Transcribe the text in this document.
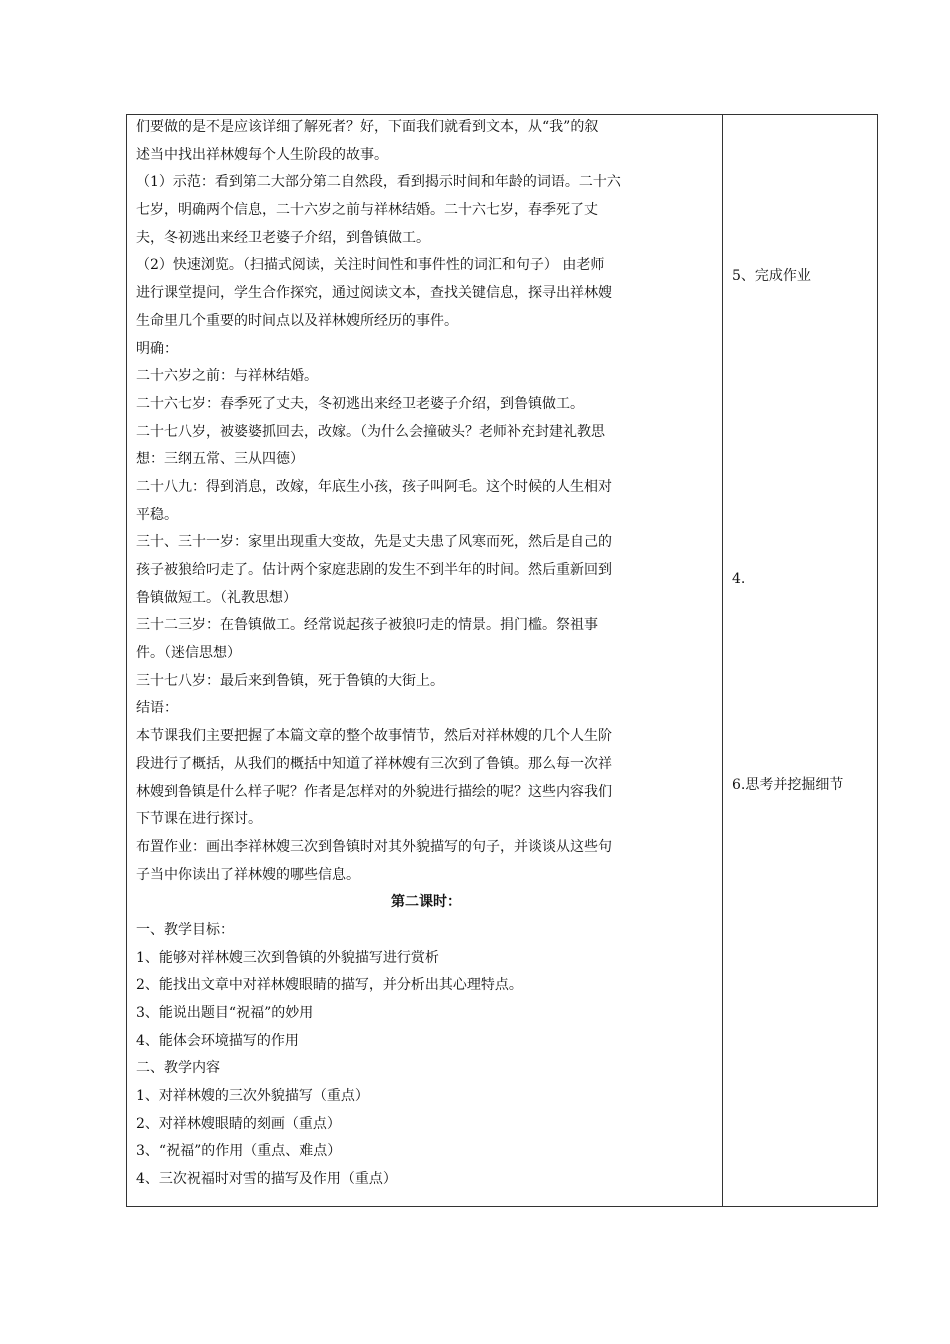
们要做的是不是应该详细了解死者？好，下面我们就看到文本，从“我”的叙
述当中找出祥林嫂每个人生阶段的故事。
（1）示范：看到第二大部分第二自然段，看到揭示时间和年龄的词语。二十六
七岁，明确两个信息，二十六岁之前与祥林结婚。二十六七岁，春季死了丈
夫，冬初逃出来经卫老婆子介绍，到鲁镇做工。
（2）快速浏览。（扫描式阅读，关注时间性和事件性的词汇和句子） 由老师
进行课堂提问，学生合作探究，通过阅读文本，查找关键信息，探寻出祥林嫂
生命里几个重要的时间点以及祥林嫂所经历的事件。
明确：
二十六岁之前：与祥林结婚。
二十六七岁：春季死了丈夫，冬初逃出来经卫老婆子介绍，到鲁镇做工。
二十七八岁，被婆婆抓回去，改嫁。（为什么会撞破头？老师补充封建礼教思
想：三纲五常、三从四德）
二十八九：得到消息，改嫁，年底生小孩，孩子叫阿毛。这个时候的人生相对
平稳。
三十、三十一岁：家里出现重大变故，先是丈夫患了风寒而死，然后是自己的
孩子被狼给叼走了。估计两个家庭悲剧的发生不到半年的时间。然后重新回到
鲁镇做短工。（礼教思想）
三十二三岁：在鲁镇做工。经常说起孩子被狼叼走的情景。捐门槛。祭祖事
件。（迷信思想）
三十七八岁：最后来到鲁镇，死于鲁镇的大街上。
结语：
本节课我们主要把握了本篇文章的整个故事情节，然后对祥林嫂的几个人生阶
段进行了概括，从我们的概括中知道了祥林嫂有三次到了鲁镇。那么每一次祥
林嫂到鲁镇是什么样子呢？作者是怎样对的外貌进行描绘的呢？这些内容我们
下节课在进行探讨。
布置作业：画出李祥林嫂三次到鲁镇时对其外貌描写的句子，并谈谈从这些句
子当中你读出了祥林嫂的哪些信息。
第二课时：
一、教学目标：
1、能够对祥林嫂三次到鲁镇的外貌描写进行赏析
2、能找出文章中对祥林嫂眼睛的描写，并分析出其心理特点。
3、能说出题目“祝福”的妙用
4、能体会环境描写的作用
二、教学内容
1、对祥林嫂的三次外貌描写（重点）
2、对祥林嫂眼睛的刻画（重点）
3、“祝福”的作用（重点、难点）
4、三次祝福时对雪的描写及作用（重点）
5、完成作业
4.
6.思考并挖掘细节
